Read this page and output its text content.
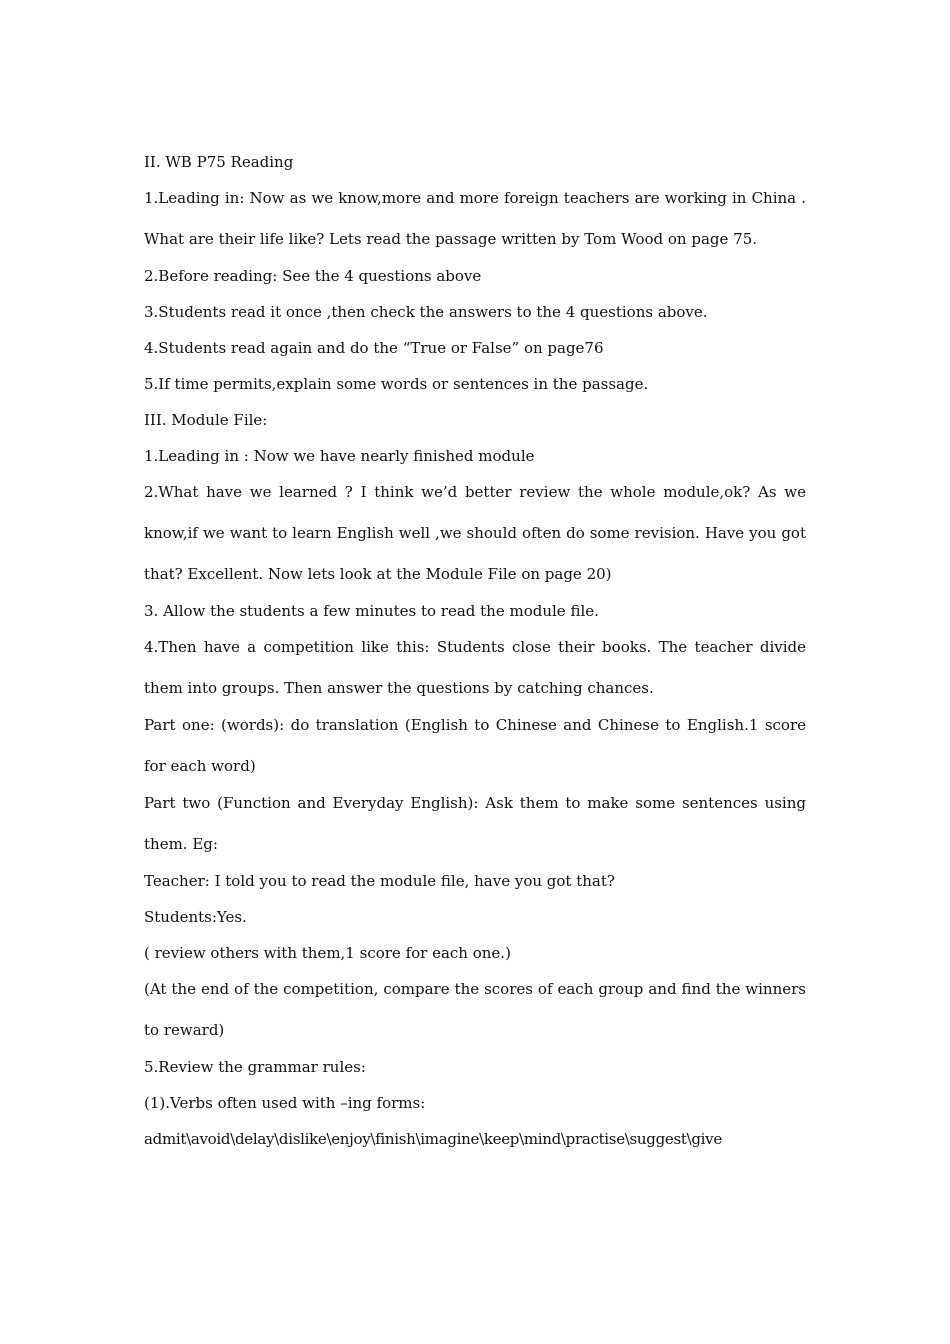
II. WB P75 Reading
1.Leading in: Now as we know,more and more foreign teachers are working in China . What are their life like? Lets read the passage written by Tom Wood on page 75.
2.Before reading: See the 4 questions above
3.Students read it once ,then check the answers to the 4 questions above.
4.Students read again and do the “True or False” on page76
5.If time permits,explain some words or sentences in the passage.
III. Module File:
1.Leading in : Now we have nearly finished module
2.What have we learned ? I think we’d better review the whole module,ok? As we know,if we want to learn English well ,we should often do some revision. Have you got that? Excellent. Now lets look at the Module File on page 20)
3. Allow the students a few minutes to read the module file.
4.Then have a competition like this: Students close their books. The teacher divide them into groups. Then answer the questions by catching chances.
Part one: (words): do translation (English to Chinese and Chinese to English.1 score for each word)
Part two (Function and Everyday English): Ask them to make some sentences using them. Eg:
Teacher: I told you to read the module file, have you got that?
Students:Yes.
( review others with them,1 score for each one.)
(At the end of the competition, compare the scores of each group and find the winners to reward)
5.Review the grammar rules:
(1).Verbs often used with –ing forms:
admit\avoid\delay\dislike\enjoy\finish\imagine\keep\mind\practise\suggest\give
